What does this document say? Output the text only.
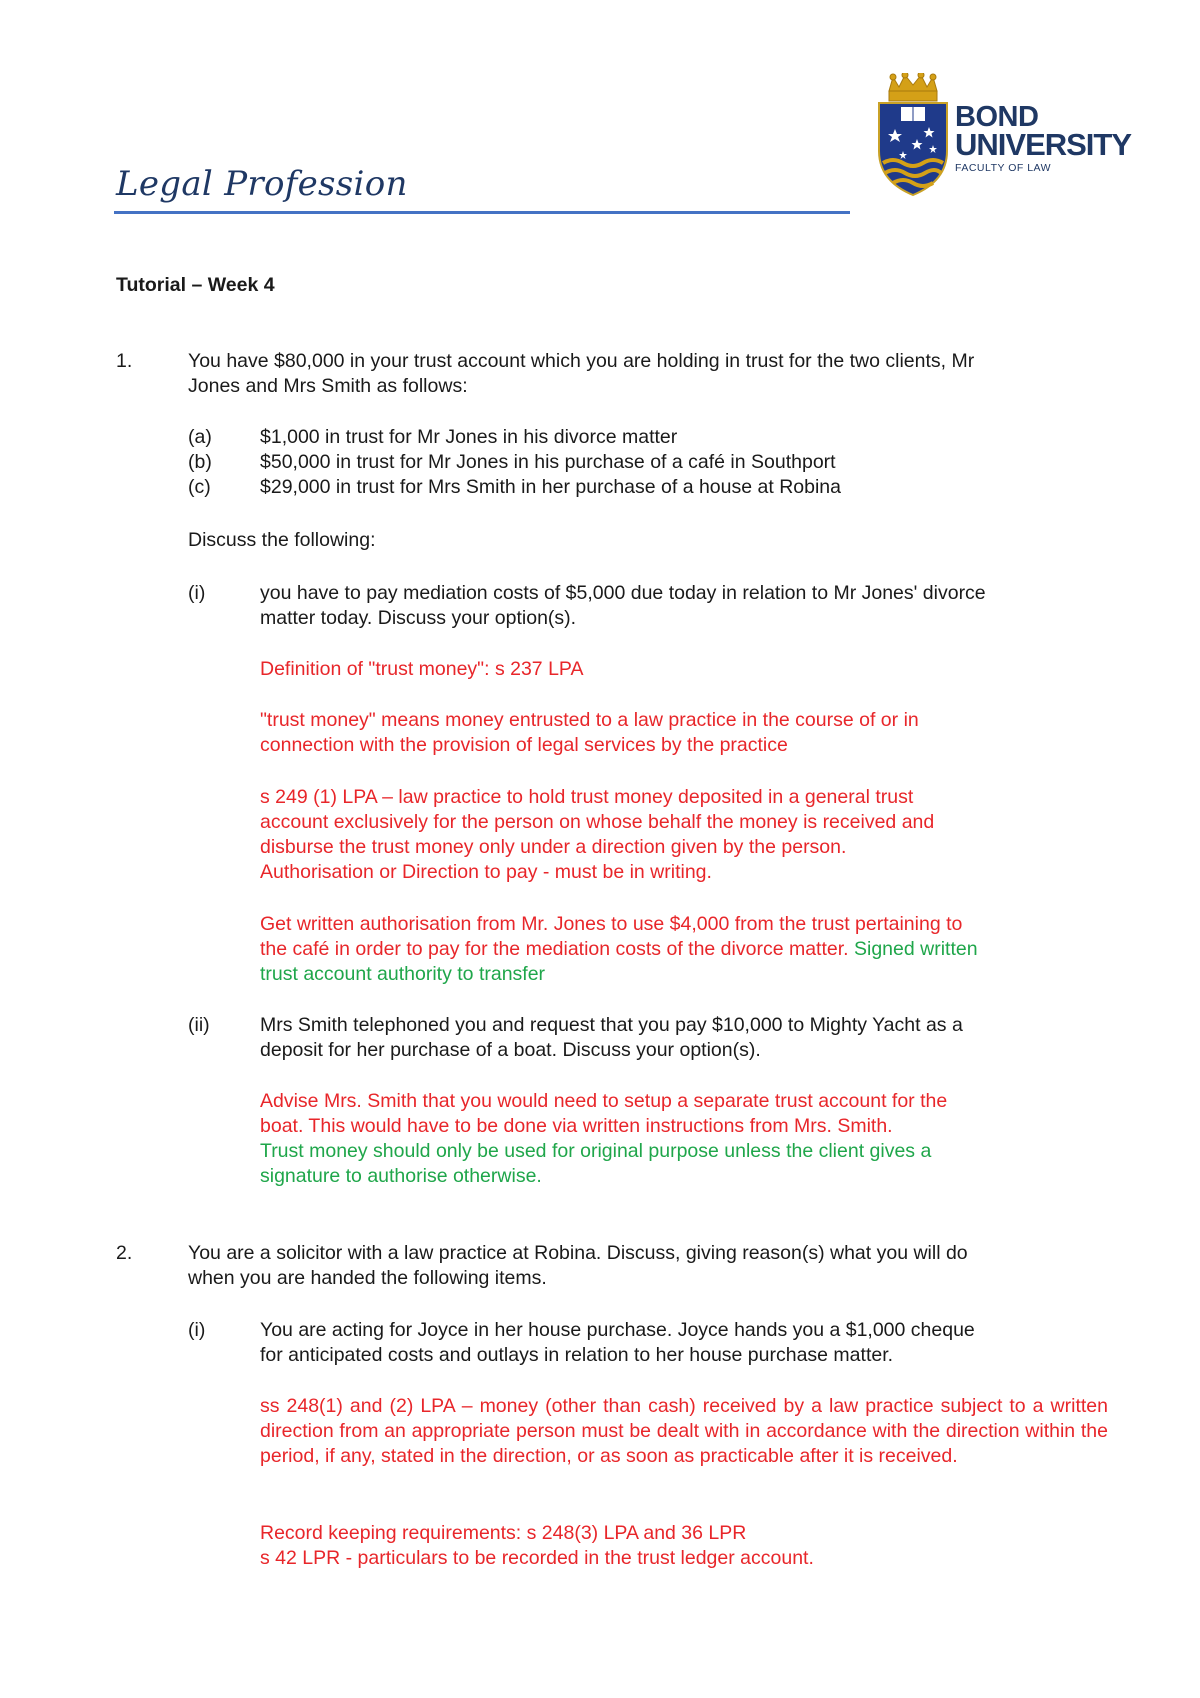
Legal Profession
BOND
UNIVERSITY
FACULTY OF LAW
Tutorial – Week 4
1.	You have $80,000 in your trust account which you are holding in trust for the two clients, Mr
Jones and Mrs Smith as follows:
(a) $1,000 in trust for Mr Jones in his divorce matter
(b) $50,000 in trust for Mr Jones in his purchase of a café in Southport
(c)	$29,000 in trust for Mrs Smith in her purchase of a house at Robina
Discuss the following:
(i)	you have to pay mediation costs of $5,000 due today in relation to Mr Jones' divorce
matter today. Discuss your option(s).
Definition of "trust money": s 237 LPA
"trust money" means money entrusted to a law practice in the course of or in
connection with the provision of legal services by the practice
s 249 (1) LPA – law practice to hold trust money deposited in a general trust
account exclusively for the person on whose behalf the money is received and
disburse the trust money only under a direction given by the person.
Authorisation or Direction to pay - must be in writing.
Get written authorisation from Mr. Jones to use $4,000 from the trust pertaining to
the café in order to pay for the mediation costs of the divorce matter. Signed written
trust account authority to transfer
(ii)	Mrs Smith telephoned you and request that you pay $10,000 to Mighty Yacht as a
deposit for her purchase of a boat. Discuss your option(s).
Advise Mrs. Smith that you would need to setup a separate trust account for the
boat. This would have to be done via written instructions from Mrs. Smith.
Trust money should only be used for original purpose unless the client gives a
signature to authorise otherwise.
2.	You are a solicitor with a law practice at Robina. Discuss, giving reason(s) what you will do
when you are handed the following items.
(i)	You are acting for Joyce in her house purchase. Joyce hands you a $1,000 cheque
for anticipated costs and outlays in relation to her house purchase matter.
ss 248(1) and (2) LPA – money (other than cash) received by a law practice subject to a written direction from an appropriate person must be dealt with in accordance with the direction within the period, if any, stated in the direction, or as soon as practicable after it is received.
Record keeping requirements: s 248(3) LPA and 36 LPR
s 42 LPR - particulars to be recorded in the trust ledger account.
